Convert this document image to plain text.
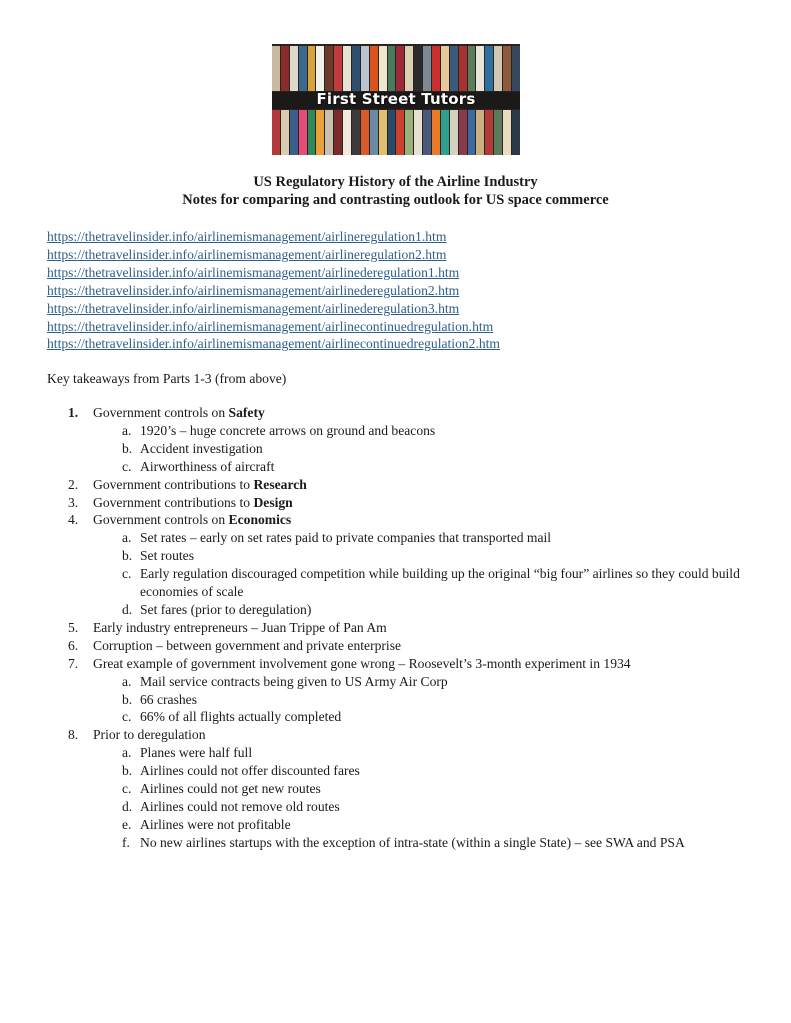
First Street Tutors
US Regulatory History of the Airline Industry
Notes for comparing and contrasting outlook for US space commerce
https://thetravelinsider.info/airlinemismanagement/airlineregulation1.htm
https://thetravelinsider.info/airlinemismanagement/airlineregulation2.htm
https://thetravelinsider.info/airlinemismanagement/airlinederegulation1.htm
https://thetravelinsider.info/airlinemismanagement/airlinederegulation2.htm
https://thetravelinsider.info/airlinemismanagement/airlinederegulation3.htm
https://thetravelinsider.info/airlinemismanagement/airlinecontinuedregulation.htm
https://thetravelinsider.info/airlinemismanagement/airlinecontinuedregulation2.htm
Key takeaways from Parts 1-3 (from above)
1. Government controls on Safety
a. 1920’s – huge concrete arrows on ground and beacons
b. Accident investigation
c. Airworthiness of aircraft
2. Government contributions to Research
3. Government contributions to Design
4. Government controls on Economics
a. Set rates – early on set rates paid to private companies that transported mail
b. Set routes
c. Early regulation discouraged competition while building up the original “big four” airlines so they could build economies of scale
d. Set fares (prior to deregulation)
5. Early industry entrepreneurs – Juan Trippe of Pan Am
6. Corruption – between government and private enterprise
7. Great example of government involvement gone wrong – Roosevelt’s 3-month experiment in 1934
a. Mail service contracts being given to US Army Air Corp
b. 66 crashes
c. 66% of all flights actually completed
8. Prior to deregulation
a. Planes were half full
b. Airlines could not offer discounted fares
c. Airlines could not get new routes
d. Airlines could not remove old routes
e. Airlines were not profitable
f. No new airlines startups with the exception of intra-state (within a single State) – see SWA and PSA
